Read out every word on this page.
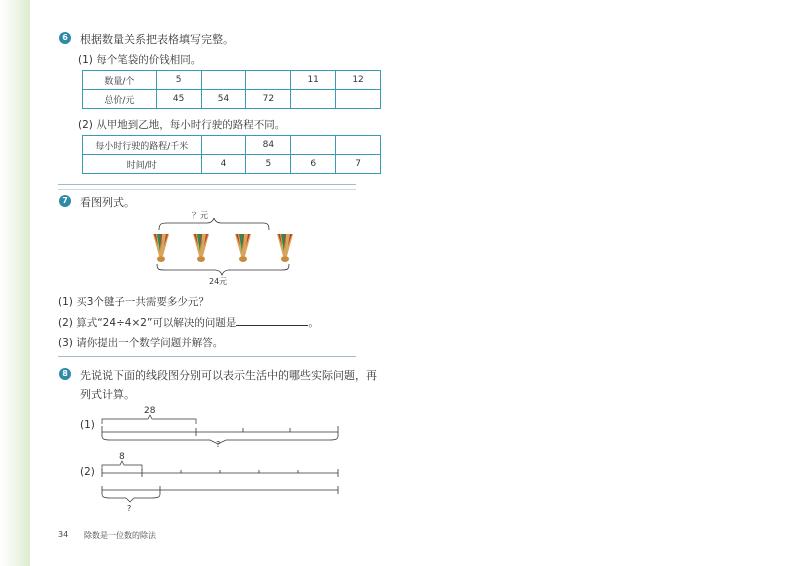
6 根据数量关系把表格填写完整。
(1) 每个笔袋的价钱相同。
数量/个	5			11	12
总价/元	45	54	72		
(2) 从甲地到乙地，每小时行驶的路程不同。
每小时行驶的路程/千米		84		
时间/时	4	5	6	7
7 看图列式。
？元
24元
(1) 买3个毽子一共需要多少元？
(2) 算式“24÷4×2”可以解决的问题是	。
(3) 请你提出一个数学问题并解答。
8 先说说下面的线段图分别可以表示生活中的哪些实际问题，再
列式计算。
28
(1)
?
8
(2)
?
34 除数是一位数的除法
